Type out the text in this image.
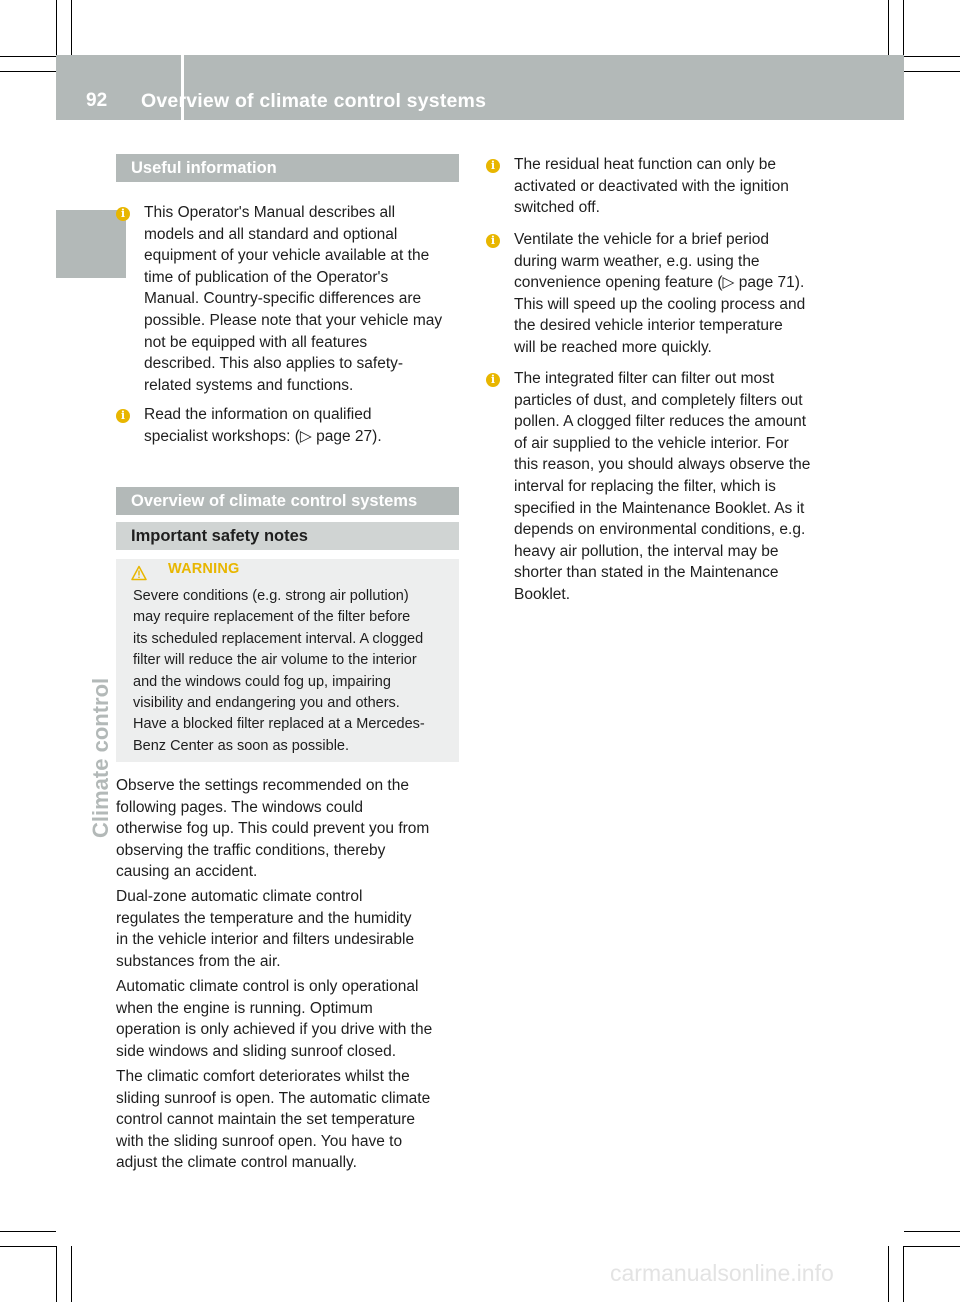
92 Overview of climate control systems
Climate control
Useful information
i	This Operator's Manual describes all
models and all standard and optional
equipment of your vehicle available at the
time of publication of the Operator's
Manual. Country-specific differences are
possible. Please note that your vehicle may
not be equipped with all features
described. This also applies to safety-
related systems and functions.
i	Read the information on qualified
specialist workshops: (▷ page 27).
Overview of climate control systems
Important safety notes
WARNING
Severe conditions (e.g. strong air pollution)
may require replacement of the filter before
its scheduled replacement interval. A clogged
filter will reduce the air volume to the interior
and the windows could fog up, impairing
visibility and endangering you and others.
Have a blocked filter replaced at a Mercedes-
Benz Center as soon as possible.
Observe the settings recommended on the
following pages. The windows could
otherwise fog up. This could prevent you from
observing the traffic conditions, thereby
causing an accident.
Dual-zone automatic climate control
regulates the temperature and the humidity
in the vehicle interior and filters undesirable
substances from the air.
Automatic climate control is only operational
when the engine is running. Optimum
operation is only achieved if you drive with the
side windows and sliding sunroof closed.
The climatic comfort deteriorates whilst the
sliding sunroof is open. The automatic climate
control cannot maintain the set temperature
with the sliding sunroof open. You have to
adjust the climate control manually.
i	The residual heat function can only be
activated or deactivated with the ignition
switched off.
i	Ventilate the vehicle for a brief period
during warm weather, e.g. using the
convenience opening feature (▷ page 71).
This will speed up the cooling process and
the desired vehicle interior temperature
will be reached more quickly.
i	The integrated filter can filter out most
particles of dust, and completely filters out
pollen. A clogged filter reduces the amount
of air supplied to the vehicle interior. For
this reason, you should always observe the
interval for replacing the filter, which is
specified in the Maintenance Booklet. As it
depends on environmental conditions, e.g.
heavy air pollution, the interval may be
shorter than stated in the Maintenance
Booklet.
carmanualsonline.info
